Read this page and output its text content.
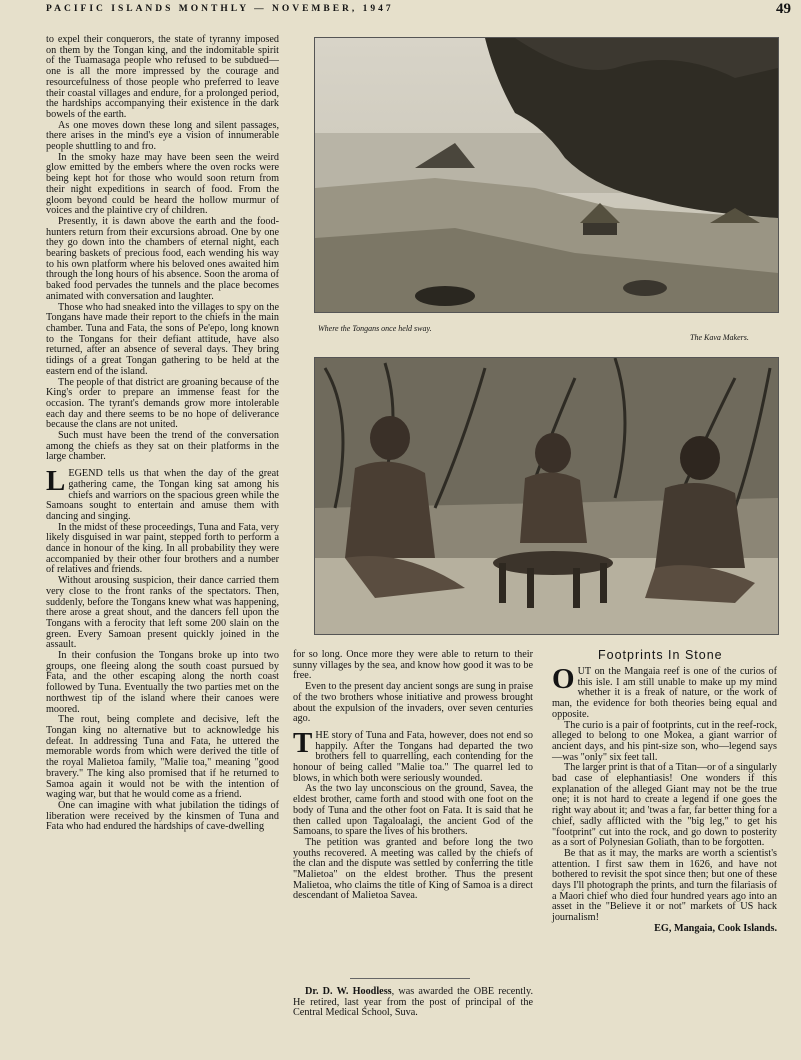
PACIFIC ISLANDS MONTHLY — NOVEMBER, 1947	49
Where the Tongans once held sway.
The Kava Makers.

to expel their conquerors, the state of tyranny imposed on them by the Tongan king, and the indomitable spirit of the Tuamasaga people who refused to be subdued—one is all the more impressed by the courage and resourcefulness of those people who preferred to leave their coastal villages and endure, for a prolonged period, the hardships accompanying their existence in the dark bowels of the earth.

As one moves down these long and silent passages, there arises in the mind's eye a vision of innumerable people shuttling to and fro.

In the smoky haze may have been seen the weird glow emitted by the embers where the oven rocks were being kept hot for those who would soon return from their night expeditions in search of food. From the gloom beyond could be heard the hollow murmur of voices and the plaintive cry of children.

Presently, it is dawn above the earth and the food-hunters return from their excursions abroad. One by one they go down into the chambers of eternal night, each bearing baskets of precious food, each wending his way to his own platform where his beloved ones awaited him through the long hours of his absence. Soon the aroma of baked food pervades the tunnels and the place becomes animated with conversation and laughter.

Those who had sneaked into the villages to spy on the Tongans have made their report to the chiefs in the main chamber. Tuna and Fata, the sons of Pe'epo, long known to the Tongans for their defiant attitude, have also returned, after an absence of several days. They bring tidings of a great Tongan gathering to be held at the eastern end of the island.

The people of that district are groaning because of the King's order to prepare an immense feast for the occasion. The tyrant's demands grow more intolerable each day and there seems to be no hope of deliverance because the clans are not united.

Such must have been the trend of the conversation among the chiefs as they sat on their platforms in the large chamber.

LEGEND tells us that when the day of the great gathering came, the Tongan king sat among his chiefs and warriors on the spacious green while the Samoans sought to entertain and amuse them with dancing and singing.

In the midst of these proceedings, Tuna and Fata, very likely disguised in war paint, stepped forth to perform a dance in honour of the king. In all probability they were accompanied by their other four brothers and a number of relatives and friends.

Without arousing suspicion, their dance carried them very close to the front ranks of the spectators. Then, suddenly, before the Tongans knew what was happening, there arose a great shout, and the dancers fell upon the Tongans with a ferocity that left some 200 slain on the green. Every Samoan present quickly joined in the assault.

In their confusion the Tongans broke up into two groups, one fleeing along the south coast pursued by Fata, and the other escaping along the north coast followed by Tuna. Eventually the two parties met on the northwest tip of the island where their canoes were moored.

The rout, being complete and decisive, left the Tongan king no alternative but to acknowledge his defeat. In addressing Tuna and Fata, he uttered the memorable words from which were derived the title of the royal Malietoa family, "Malie toa," meaning "good bravery." The king also promised that if he returned to Samoa again it would not be with the intention of waging war, but that he would come as a friend.

One can imagine with what jubilation the tidings of liberation were received by the kinsmen of Tuna and Fata who had endured the hardships of cave-dwelling

for so long. Once more they were able to return to their sunny villages by the sea, and know how good it was to be free.

Even to the present day ancient songs are sung in praise of the two brothers whose initiative and prowess brought about the expulsion of the invaders, over seven centuries ago.

THE story of Tuna and Fata, however, does not end so happily. After the Tongans had departed the two brothers fell to quarrelling, each contending for the honour of being called "Malie toa." The quarrel led to blows, in which both were seriously wounded.

As the two lay unconscious on the ground, Savea, the eldest brother, came forth and stood with one foot on the body of Tuna and the other foot on Fata. It is said that he then called upon Tagaloalagi, the ancient God of the Samoans, to spare the lives of his brothers.

The petition was granted and before long the two youths recovered. A meeting was called by the chiefs of the clan and the dispute was settled by conferring the title "Malietoa" on the eldest brother. Thus the present Malietoa, who claims the title of King of Samoa is a direct descendant of Malietoa Savea.

Dr. D. W. Hoodless, was awarded the OBE recently. He retired, last year from the post of principal of the Central Medical School, Suva.

Footprints In Stone

OUT on the Mangaia reef is one of the curios of this isle. I am still unable to make up my mind whether it is a freak of nature, or the work of man, the evidence for both theories being equal and opposite.

The curio is a pair of footprints, cut in the reef-rock, alleged to belong to one Mokea, a giant warrior of ancient days, and his pint-size son, who—legend says—was "only" six feet tall.

The larger print is that of a Titan—or of a singularly bad case of elephantiasis! One wonders if this explanation of the alleged Giant may not be the true one; it is not hard to create a legend if one goes the right way about it; and 'twas a far, far better thing for a chief, sadly afflicted with the "big leg," to get his "footprint" cut into the rock, and go down to posterity as a sort of Polynesian Goliath, than to be forgotten.

Be that as it may, the marks are worth a scientist's attention. I first saw them in 1626, and have not bothered to revisit the spot since then; but one of these days I'll photograph the prints, and turn the filariasis of a Maori chief who died four hundred years ago into an asset in the "Believe it or not" markets of US hack journalism!

EG, Mangaia, Cook Islands.
